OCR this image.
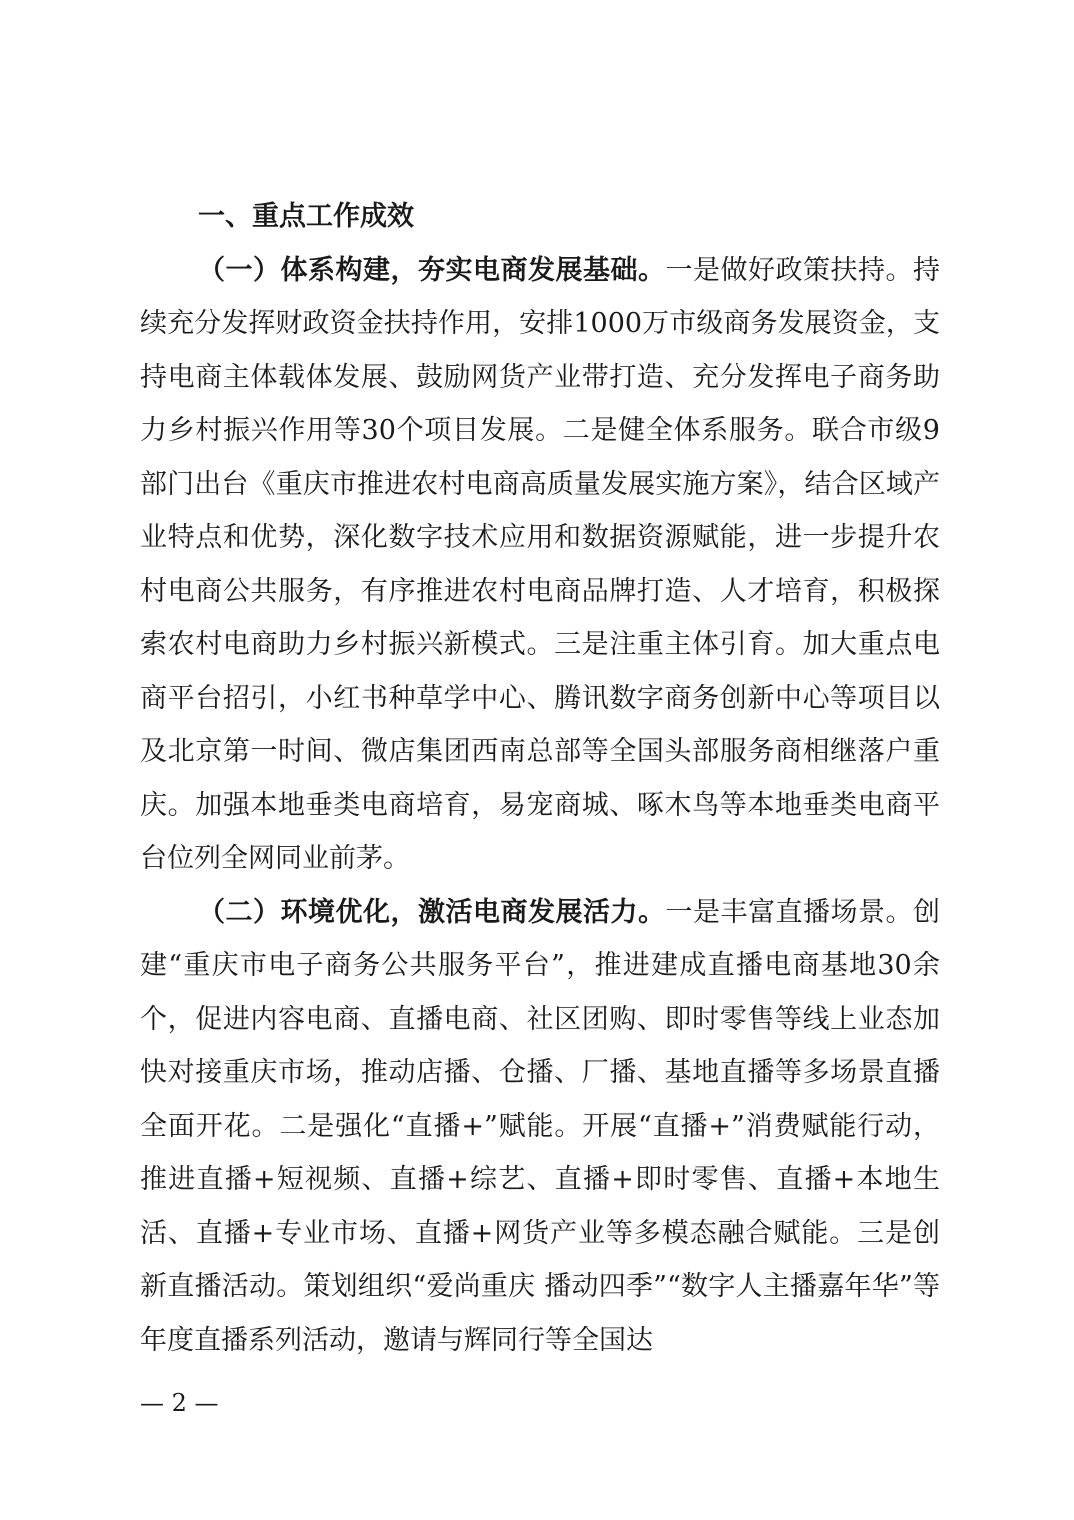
一、重点工作成效

（一）体系构建，夯实电商发展基础。一是做好政策扶持。持续充分发挥财政资金扶持作用，安排1000万市级商务发展资金，支持电商主体载体发展、鼓励网货产业带打造、充分发挥电子商务助力乡村振兴作用等30个项目发展。二是健全体系服务。联合市级9部门出台《重庆市推进农村电商高质量发展实施方案》，结合区域产业特点和优势，深化数字技术应用和数据资源赋能，进一步提升农村电商公共服务，有序推进农村电商品牌打造、人才培育，积极探索农村电商助力乡村振兴新模式。三是注重主体引育。加大重点电商平台招引，小红书种草学中心、腾讯数字商务创新中心等项目以及北京第一时间、微店集团西南总部等全国头部服务商相继落户重庆。加强本地垂类电商培育，易宠商城、啄木鸟等本地垂类电商平台位列全网同业前茅。

（二）环境优化，激活电商发展活力。一是丰富直播场景。创建“重庆市电子商务公共服务平台”，推进建成直播电商基地30余个，促进内容电商、直播电商、社区团购、即时零售等线上业态加快对接重庆市场，推动店播、仓播、厂播、基地直播等多场景直播全面开花。二是强化“直播+”赋能。开展“直播+”消费赋能行动，推进直播+短视频、直播+综艺、直播+即时零售、直播+本地生活、直播+专业市场、直播+网货产业等多模态融合赋能。三是创新直播活动。策划组织“爱尚重庆 播动四季”“数字人主播嘉年华”等年度直播系列活动，邀请与辉同行等全国达

— 2 —
